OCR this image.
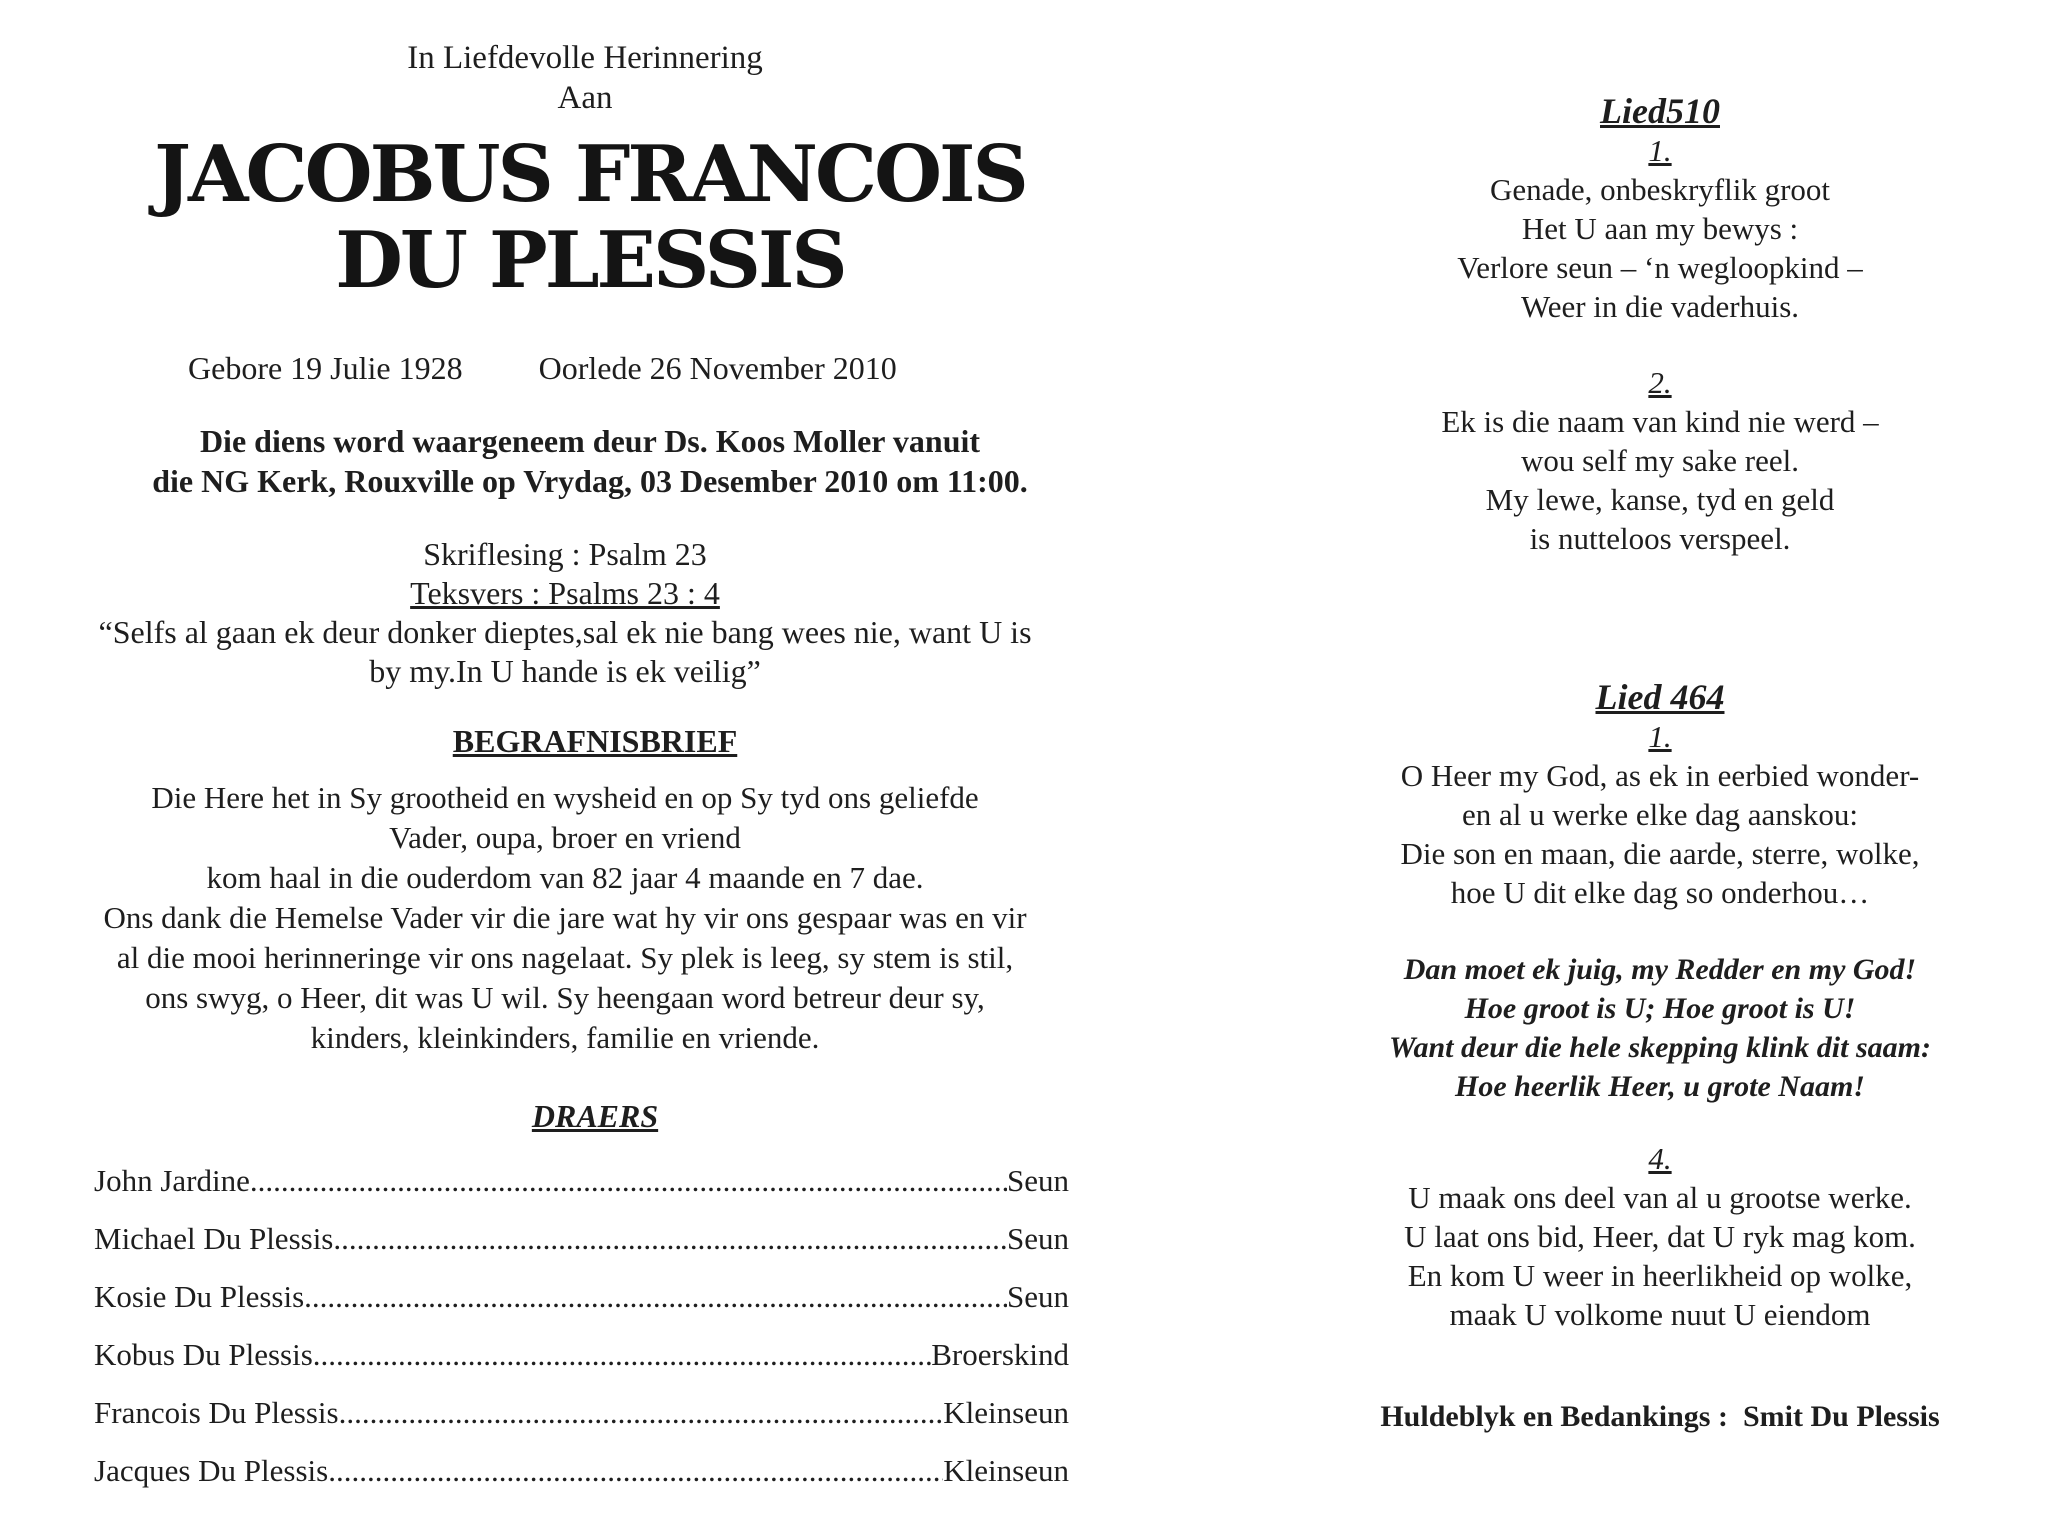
In Liefdevolle Herinnering
Aan
JACOBUS FRANCOIS
DU PLESSIS
Gebore 19 Julie 1928 Oorlede 26 November 2010
Die diens word waargeneem deur Ds. Koos Moller vanuit
die NG Kerk, Rouxville op Vrydag, 03 Desember 2010 om 11:00.
Skriflesing : Psalm 23
Teksvers : Psalms 23 : 4
“Selfs al gaan ek deur donker dieptes,sal ek nie bang wees nie, want U is
by my.In U hande is ek veilig”
BEGRAFNISBRIEF
Die Here het in Sy grootheid en wysheid en op Sy tyd ons geliefde
Vader, oupa, broer en vriend
kom haal in die ouderdom van 82 jaar 4 maande en 7 dae.
Ons dank die Hemelse Vader vir die jare wat hy vir ons gespaar was en vir
al die mooi herinneringe vir ons nagelaat. Sy plek is leeg, sy stem is stil,
ons swyg, o Heer, dit was U wil. Sy heengaan word betreur deur sy,
kinders, kleinkinders, familie en vriende.
DRAERS
John Jardine .....	Seun
Michael Du Plessis .....	Seun
Kosie Du Plessis .....	Seun
Kobus Du Plessis .....	Broerskind
Francois Du Plessis .....	Kleinseun
Jacques Du Plessis .....	Kleinseun
Lied510
1.
Genade, onbeskryflik groot
Het U aan my bewys :
Verlore seun – ‘n wegloopkind –
Weer in die vaderhuis.
2.
Ek is die naam van kind nie werd –
wou self my sake reel.
My lewe, kanse, tyd en geld
is nutteloos verspeel.
Lied 464
1.
O Heer my God, as ek in eerbied wonder-
en al u werke elke dag aanskou:
Die son en maan, die aarde, sterre, wolke,
hoe U dit elke dag so onderhou…
Dan moet ek juig, my Redder en my God!
Hoe groot is U; Hoe groot is U!
Want deur die hele skepping klink dit saam:
Hoe heerlik Heer, u grote Naam!
4.
U maak ons deel van al u grootse werke.
U laat ons bid, Heer, dat U ryk mag kom.
En kom U weer in heerlikheid op wolke,
maak U volkome nuut U eiendom
Huldeblyk en Bedankings :  Smit Du Plessis
